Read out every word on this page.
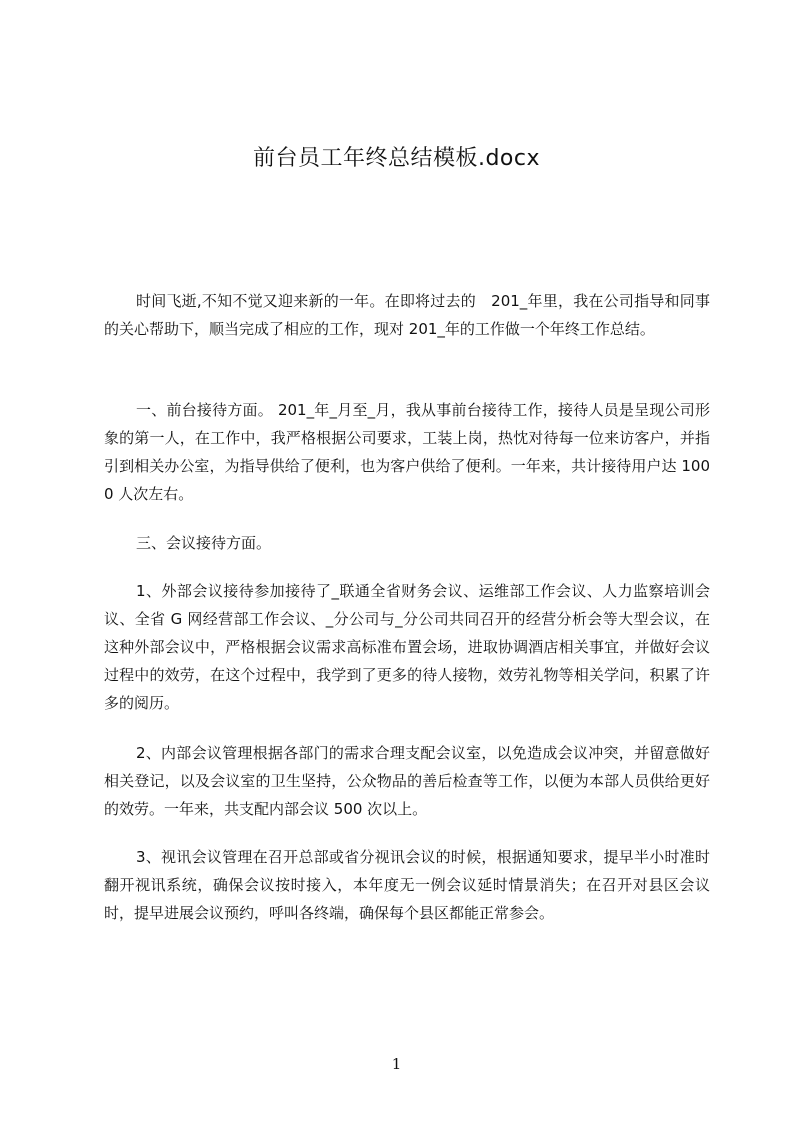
前台员工年终总结模板.docx

时间飞逝,不知不觉又迎来新的一年。在即将过去的　201_年里，我在公司指导和同事的关心帮助下，顺当完成了相应的工作，现对 201_年的工作做一个年终工作总结。

一、前台接待方面。 201_年_月至_月，我从事前台接待工作，接待人员是呈现公司形象的第一人，在工作中，我严格根据公司要求，工装上岗，热忱对待每一位来访客户，并指引到相关办公室，为指导供给了便利，也为客户供给了便利。一年来，共计接待用户达 1000 人次左右。

三、会议接待方面。

1、外部会议接待参加接待了_联通全省财务会议、运维部工作会议、人力监察培训会议、全省 G 网经营部工作会议、_分公司与_分公司共同召开的经营分析会等大型会议，在这种外部会议中，严格根据会议需求高标准布置会场，进取协调酒店相关事宜，并做好会议过程中的效劳，在这个过程中，我学到了更多的待人接物，效劳礼物等相关学问，积累了许多的阅历。

2、内部会议管理根据各部门的需求合理支配会议室，以免造成会议冲突，并留意做好相关登记，以及会议室的卫生坚持，公众物品的善后检查等工作，以便为本部人员供给更好的效劳。一年来，共支配内部会议 500 次以上。

3、视讯会议管理在召开总部或省分视讯会议的时候，根据通知要求，提早半小时准时翻开视讯系统，确保会议按时接入，本年度无一例会议延时情景消失；在召开对县区会议时，提早进展会议预约，呼叫各终端，确保每个县区都能正常参会。

1
